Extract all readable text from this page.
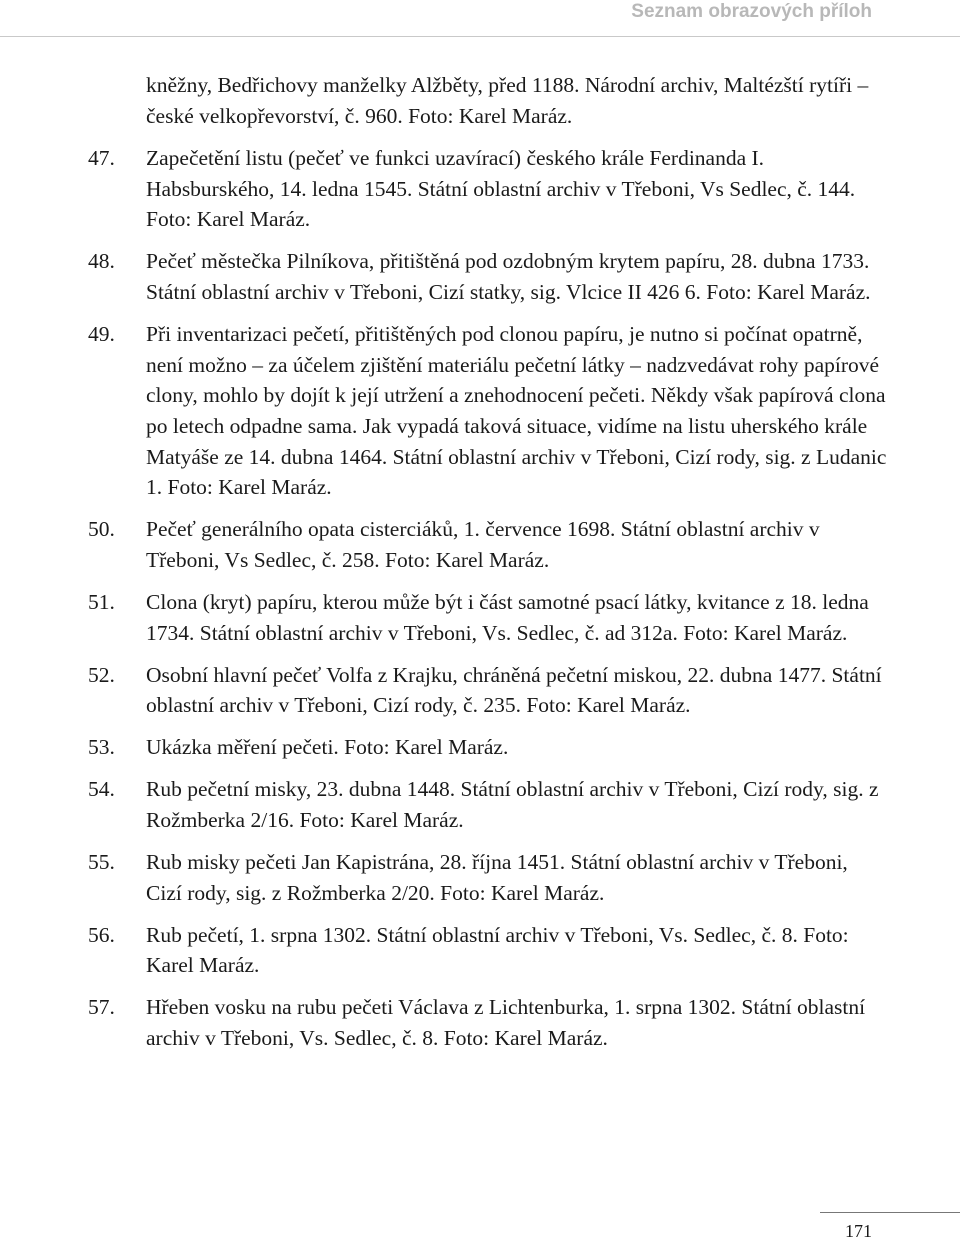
Seznam obrazových příloh
kněžny, Bedřichovy manželky Alžběty, před 1188. Národní archiv, Maltézští rytíři – české velkopřevorství, č. 960. Foto: Karel Maráz.
47.	Zapečetění listu (pečeť ve funkci uzavírací) českého krále Ferdinanda I. Habsburského, 14. ledna 1545. Státní oblastní archiv v Třeboni, Vs Sedlec, č. 144. Foto: Karel Maráz.
48.	Pečeť městečka Pilníkova, přitištěná pod ozdobným krytem papíru, 28. dubna 1733. Státní oblastní archiv v Třeboni, Cizí statky, sig. Vlcice II 426 6. Foto: Karel Maráz.
49.	Při inventarizaci pečetí, přitištěných pod clonou papíru, je nutno si počínat opatrně, není možno – za účelem zjištění materiálu pečetní látky – nadzvedávat rohy papírové clony, mohlo by dojít k její utržení a znehodnocení pečeti. Někdy však papírová clona po letech odpadne sama. Jak vypadá taková situace, vidíme na listu uherského krále Matyáše ze 14. dubna 1464. Státní oblastní archiv v Třeboni, Cizí rody, sig. z Ludanic 1. Foto: Karel Maráz.
50.	Pečeť generálního opata cisterciáků, 1. července 1698. Státní oblastní archiv v Třeboni, Vs Sedlec, č. 258. Foto: Karel Maráz.
51.	Clona (kryt) papíru, kterou může být i část samotné psací látky, kvitance z 18. ledna 1734. Státní oblastní archiv v Třeboni, Vs. Sedlec, č. ad 312a. Foto: Karel Maráz.
52.	Osobní hlavní pečeť Volfa z Krajku, chráněná pečetní miskou, 22. dubna 1477. Státní oblastní archiv v Třeboni, Cizí rody, č. 235. Foto: Karel Maráz.
53.	Ukázka měření pečeti. Foto: Karel Maráz.
54.	Rub pečetní misky, 23. dubna 1448. Státní oblastní archiv v Třeboni, Cizí rody, sig. z Rožmberka 2/16. Foto: Karel Maráz.
55.	Rub misky pečeti Jan Kapistrána, 28. října 1451. Státní oblastní archiv v Třeboni, Cizí rody, sig. z Rožmberka 2/20. Foto: Karel Maráz.
56.	Rub pečetí, 1. srpna 1302. Státní oblastní archiv v Třeboni, Vs. Sedlec, č. 8. Foto: Karel Maráz.
57.	Hřeben vosku na rubu pečeti Václava z Lichtenburka, 1. srpna 1302. Státní oblastní archiv v Třeboni, Vs. Sedlec, č. 8. Foto: Karel Maráz.
171
